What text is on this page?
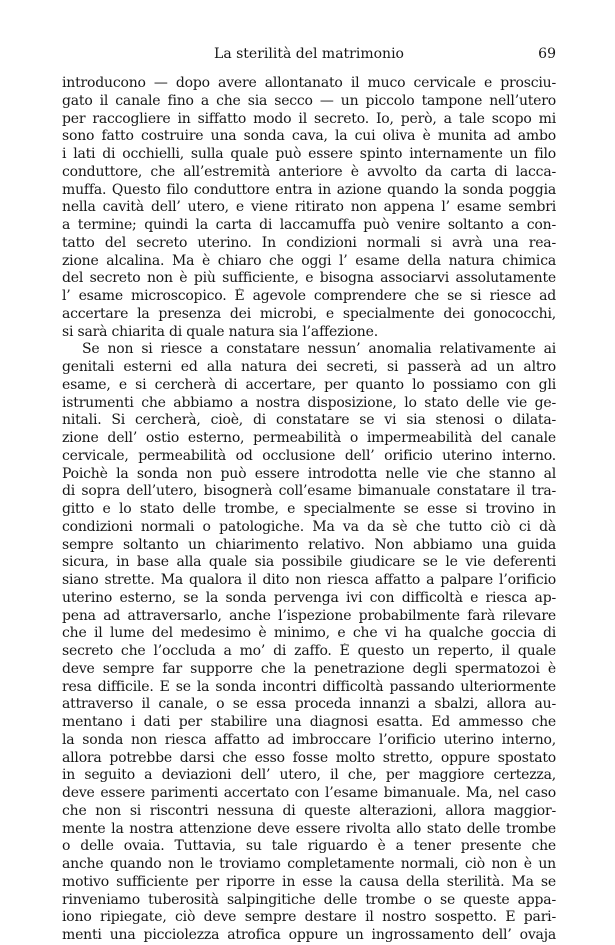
La sterilità del matrimonio	69
introducono — dopo avere allontanato il muco cervicale e prosciu-
gato il canale fino a che sia secco — un piccolo tampone nell’utero
per raccogliere in siffatto modo il secreto. Io, però, a tale scopo mi
sono fatto costruire una sonda cava, la cui oliva è munita ad ambo
i lati di occhielli, sulla quale può essere spinto internamente un filo
conduttore, che all’estremità anteriore è avvolto da carta di laccа-
muffa. Questo filo conduttore entra in azione quando la sonda poggia
nella cavità dell’ utero, e viene ritirato non appena l’ esame sembri
a termine; quindi la carta di laccamuffa può venire soltanto a con-
tatto del secreto uterino. In condizioni normali si avrà una rea-
zione alcalina. Ma è chiaro che oggi l’ esame della natura chimica
del secreto non è più sufficiente, e bisogna associarvi assolutamente
l’ esame microscopico. È agevole comprendere che se si riesce ad
accertare la presenza dei microbi, e specialmente dei gonococchi,
si sarà chiarita di quale natura sia l’affezione.
Se non si riesce a constatare nessun’ anomalia relativamente ai
genitali esterni ed alla natura dei secreti, si passerà ad un altro
esame, e si cercherà di accertare, per quanto lo possiamo con gli
istrumenti che abbiamo a nostra disposizione, lo stato delle vie ge-
nitali. Si cercherà, cioè, di constatare se vi sia stenosi o dilata-
zione dell’ ostio esterno, permeabilità o impermeabilità del canale
cervicale, permeabilità od occlusione dell’ orificio uterino interno.
Poichè la sonda non può essere introdotta nelle vie che stanno al
di sopra dell’utero, bisognerà coll’esame bimanuale constatare il tra-
gitto e lo stato delle trombe, e specialmente se esse si trovino in
condizioni normali o patologiche. Ma va da sè che tutto ciò ci dà
sempre soltanto un chiarimento relativo. Non abbiamo una guida
sicura, in base alla quale sia possibile giudicare se le vie deferenti
siano strette. Ma qualora il dito non riesca affatto a palpare l’orificio
uterino esterno, se la sonda pervenga ivi con difficoltà e riesca ap-
pena ad attraversarlo, anche l’ispezione probabilmente farà rilevare
che il lume del medesimo è minimo, e che vi ha qualche goccia di
secreto che l’occluda a mo’ di zaffo. È questo un reperto, il quale
deve sempre far supporre che la penetrazione degli spermatozoi è
resa difficile. E se la sonda incontri difficoltà passando ulteriormente
attraverso il canale, o se essa proceda innanzi a sbalzi, allora au-
mentano i dati per stabilire una diagnosi esatta. Ed ammesso che
la sonda non riesca affatto ad imbroccare l’orificio uterino interno,
allora potrebbe darsi che esso fosse molto stretto, oppure spostato
in seguito a deviazioni dell’ utero, il che, per maggiore certezza,
deve essere parimenti accertato con l’esame bimanuale. Ma, nel caso
che non si riscontri nessuna di queste alterazioni, allora maggior-
mente la nostra attenzione deve essere rivolta allo stato delle trombe
o delle ovaia. Tuttavia, su tale riguardo è a tener presente che
anche quando non le troviamo completamente normali, ciò non è un
motivo sufficiente per riporre in esse la causa della sterilità. Ma se
rinveniamo tuberosità salpingitiche delle trombe o se queste appa-
iono ripiegate, ciò deve sempre destare il nostro sospetto. E pari-
menti una picciolezza atrofica oppure un ingrossamento dell’ ovaja
